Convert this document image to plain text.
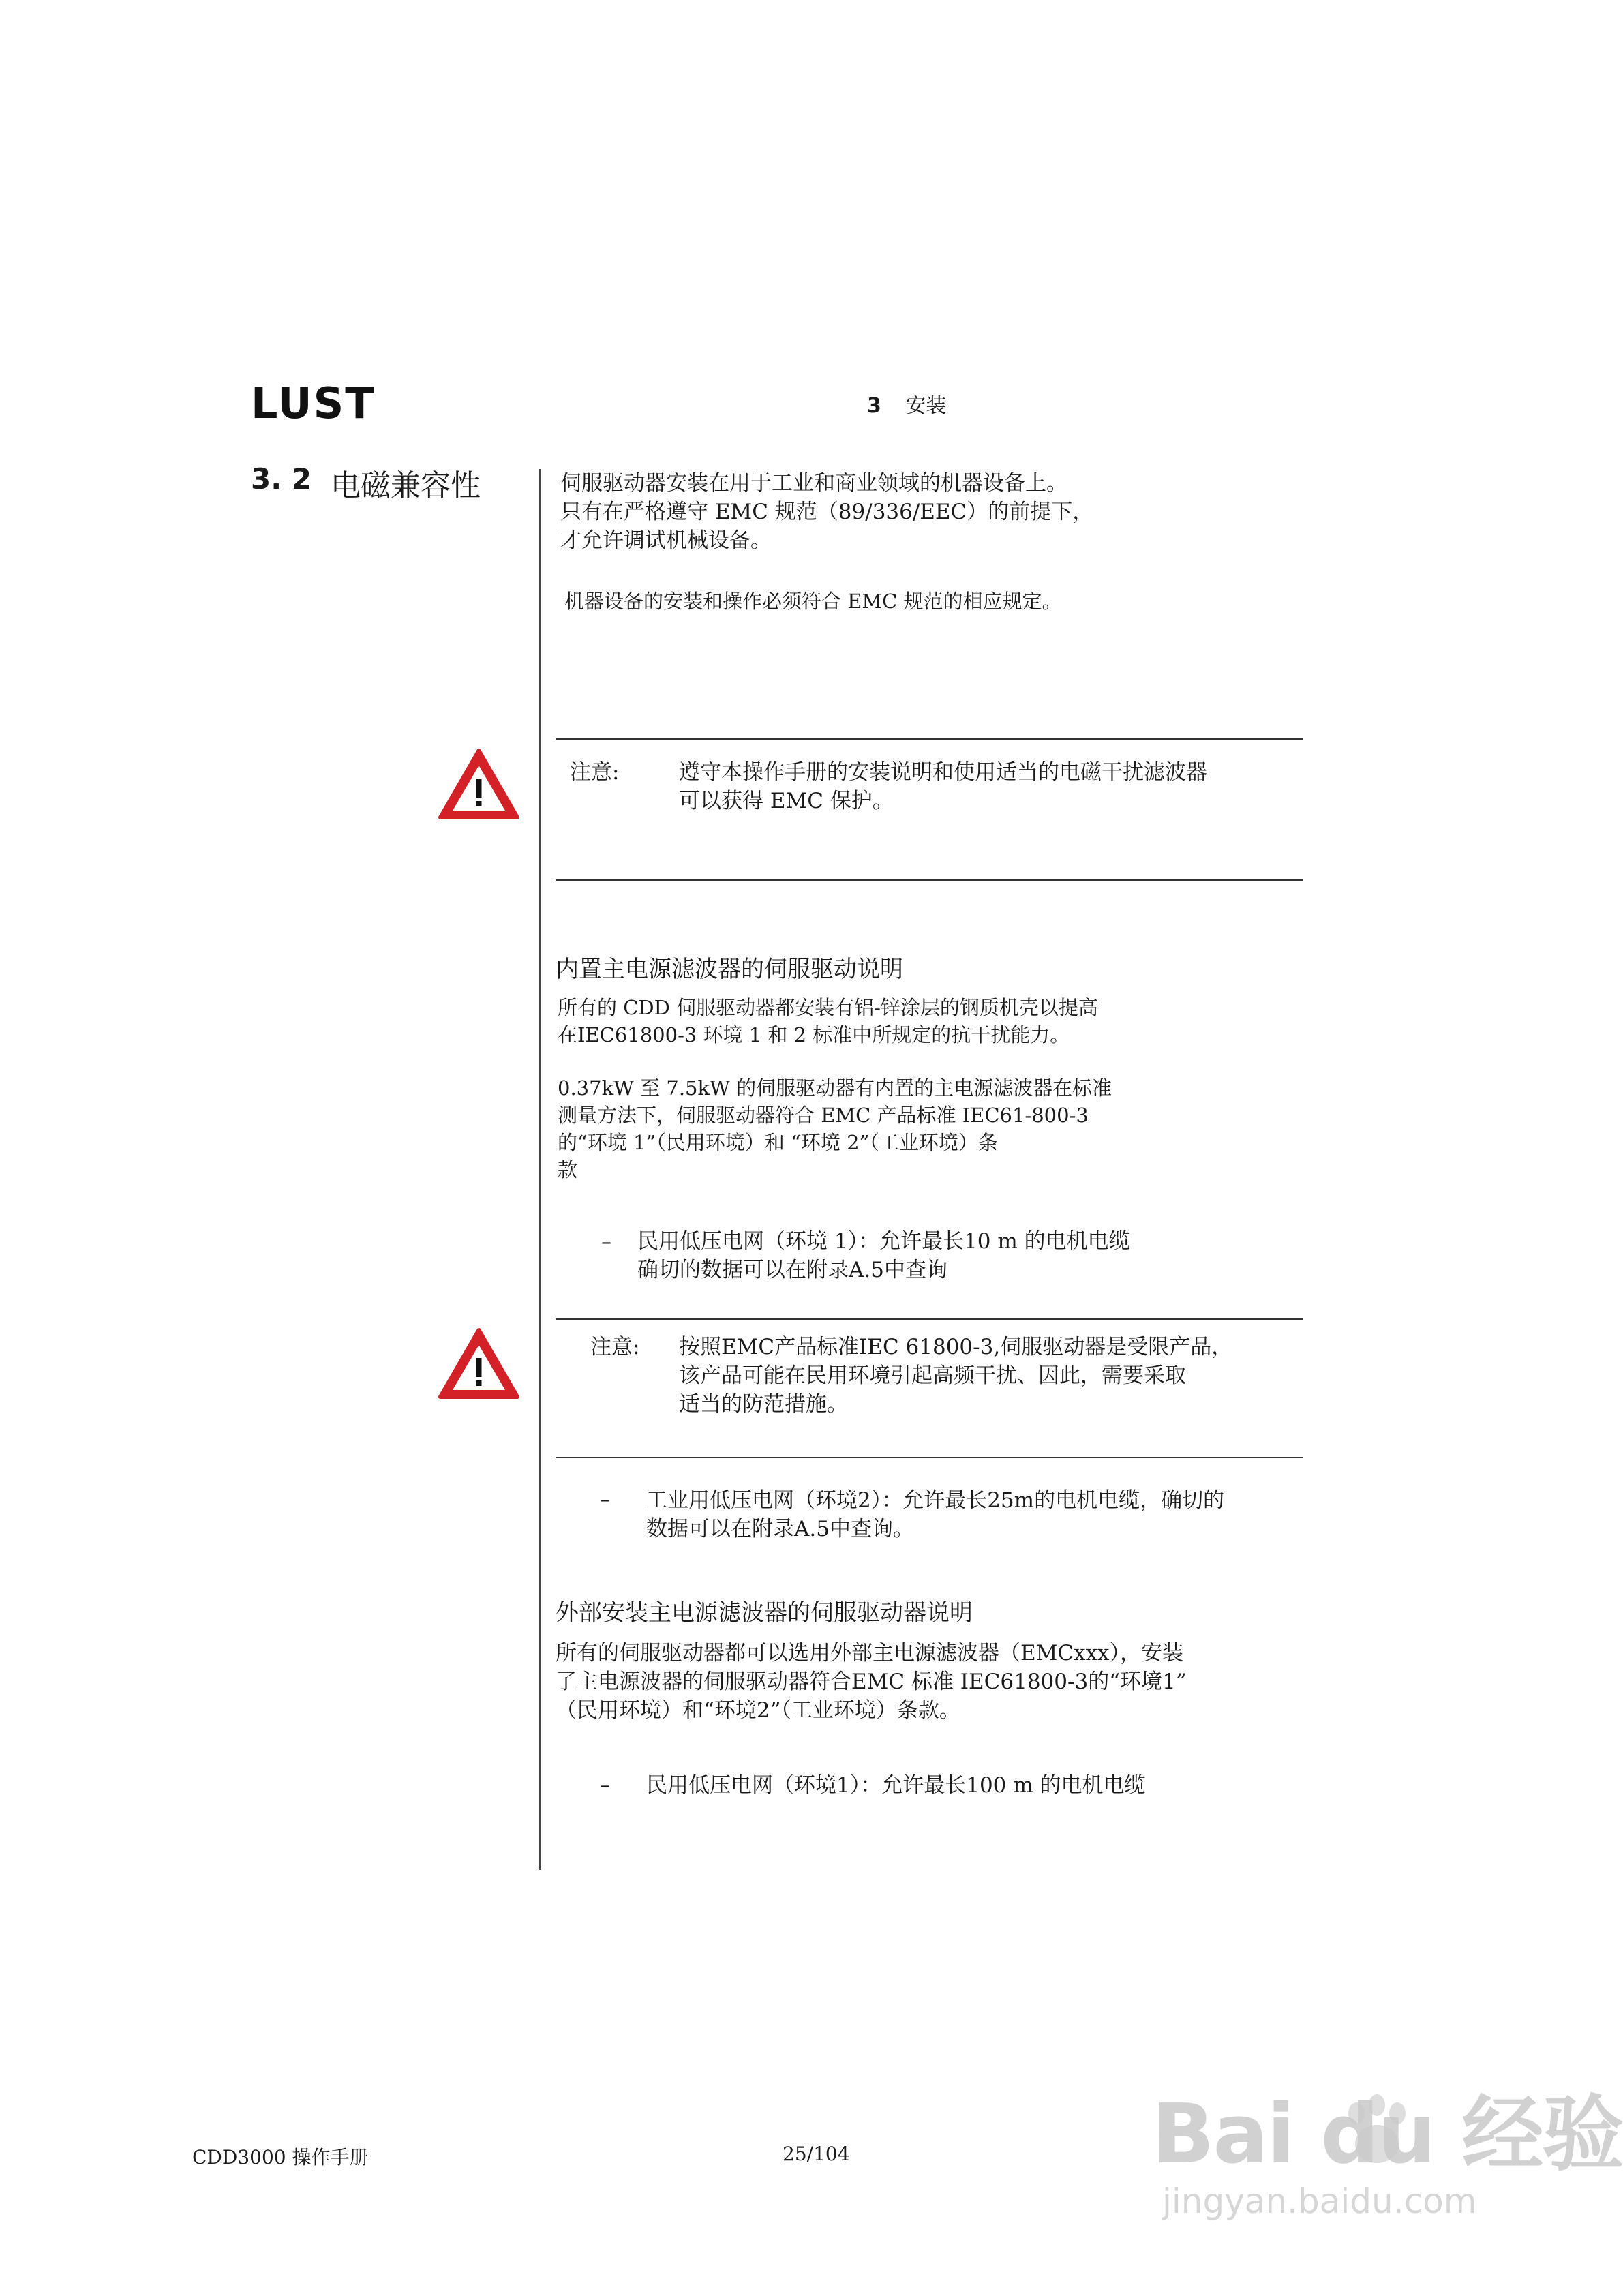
LUST	3 安装
3. 2 电磁兼容性	伺服驱动器安装在用于工业和商业领域的机器设备上。
只有在严格遵守 EMC 规范（89/336/EEC）的前提下，
才允许调试机械设备。
机器设备的安装和操作必须符合 EMC 规范的相应规定。
注意:	遵守本操作手册的安装说明和使用适当的电磁干扰滤波器
可以获得 EMC 保护。
内置主电源滤波器的伺服驱动说明
所有的 CDD 伺服驱动器都安装有铝-锌涂层的钢质机壳以提高
在IEC61800-3 环境 1 和 2 标准中所规定的抗干扰能力。
0.37kW 至 7.5kW 的伺服驱动器有内置的主电源滤波器在标准
测量方法下，伺服驱动器符合 EMC 产品标准 IEC61-800-3
的“环境 1”（民用环境）和 “环境 2”（工业环境）条
款
– 民用低压电网（环境 1）：允许最长10 m 的电机电缆
确切的数据可以在附录A.5中查询
注意: 按照EMC产品标准IEC 61800-3,伺服驱动器是受限产品，
该产品可能在民用环境引起高频干扰、因此，需要采取
适当的防范措施。
– 工业用低压电网（环境2）：允许最长25m的电机电缆，确切的
数据可以在附录A.5中查询。
外部安装主电源滤波器的伺服驱动器说明
所有的伺服驱动器都可以选用外部主电源滤波器（EMCxxx），安装
了主电源波器的伺服驱动器符合EMC 标准 IEC61800-3的“环境1”
（民用环境）和“环境2”（工业环境）条款。
– 民用低压电网（环境1）：允许最长100 m 的电机电缆
CDD3000 操作手册	25/104	Bai du 经验
jingyan.baidu.com
